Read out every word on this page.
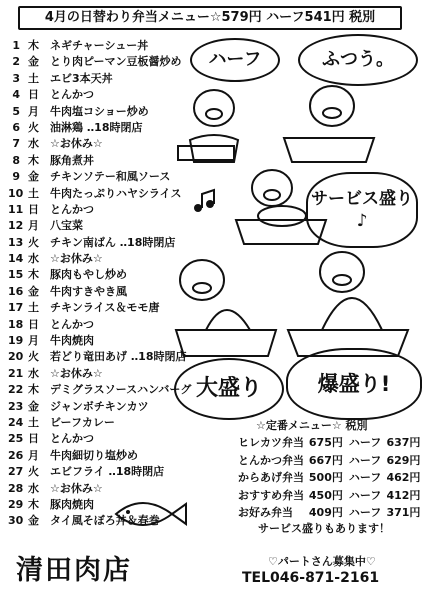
4月の日替わり弁当メニュー☆579円 ハーフ541円 税別
1 木	ネギチャーシュー丼
2 金	とり肉ピーマン豆板醤炒め
3 土	エビ3本天丼
4 日	とんかつ
5 月	牛肉塩コショー炒め
6 火	油淋鶏 ‥18時閉店
7 水	☆お休み☆
8 木	豚角煮丼
9 金	チキンソテー和風ソース
10 土	牛肉たっぷりハヤシライス
11 日	とんかつ
12 月	八宝菜
13 火	チキン南ばん ‥18時閉店
14 水	☆お休み☆
15 木	豚肉もやし炒め
16 金	牛肉すきやき風
17 土	チキンライス＆モモ唐
18 日	とんかつ
19 月	牛肉焼肉
20 火	若どり竜田あげ ‥18時閉店
21 水	☆お休み☆
22 木	デミグラスソースハンバーグ
23 金	ジャンボチキンカツ
24 土	ビーフカレー
25 日	とんかつ
26 月	牛肉細切り塩炒め
27 火	エビフライ ‥18時閉店
28 水	☆お休み☆
29 木	豚肉焼肉
30 金	タイ風そぼろ丼＆春巻
ハーフ	ふつう。
サービス盛り♪
大盛り	爆盛り!
☆定番メニュー☆ 税別
ヒレカツ弁当 675円 ハーフ 637円
とんかつ弁当 667円 ハーフ 629円
からあげ弁当 500円 ハーフ 462円
おすすめ弁当 450円 ハーフ 412円
お好み弁当	409円 ハーフ 371円
サービス盛りもあります！
清田肉店	♡パートさん募集中♡
TEL046-871-2161
